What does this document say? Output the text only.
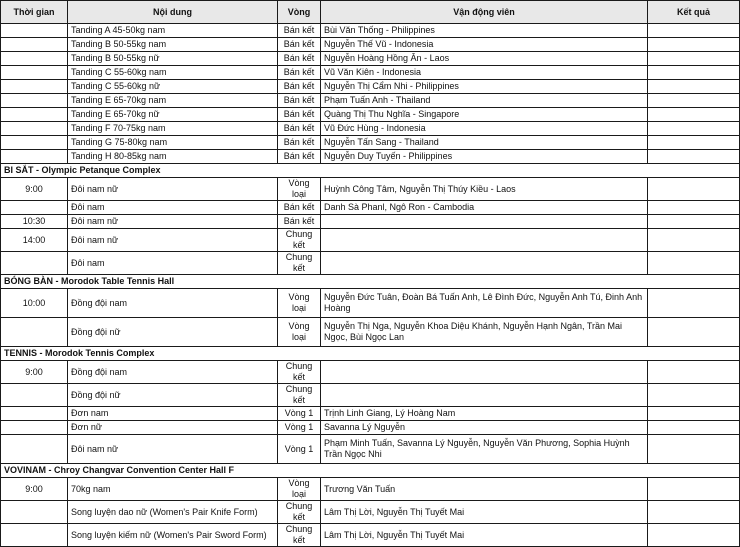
Thời gian	Nội dung	Vòng	Vận động viên	Kết quả
	Tanding A 45-50kg nam	Bán kết	Bùi Văn Thống - Philippines	
	Tanding B 50-55kg nam	Bán kết	Nguyễn Thế Vũ - Indonesia	
	Tanding B 50-55kg nữ	Bán kết	Nguyễn Hoàng Hồng Ân - Laos	
	Tanding C 55-60kg nam	Bán kết	Vũ Văn Kiên - Indonesia	
	Tanding C 55-60kg nữ	Bán kết	Nguyễn Thị Cẩm Nhi - Philippines	
	Tanding E 65-70kg nam	Bán kết	Phạm Tuấn Anh - Thailand	
	Tanding E 65-70kg nữ	Bán kết	Quàng Thị Thu Nghĩa - Singapore	
	Tanding F 70-75kg nam	Bán kết	Vũ Đức Hùng - Indonesia	
	Tanding G 75-80kg nam	Bán kết	Nguyễn Tấn Sang - Thailand	
	Tanding H 80-85kg nam	Bán kết	Nguyễn Duy Tuyến - Philippines	
BI SẮT - Olympic Petanque Complex				
9:00	Đôi nam nữ	Vòng loại	Huỳnh Công Tâm, Nguyễn Thị Thúy Kiều - Laos	
	Đôi nam	Bán kết	Danh Sà Phanl, Ngô Ron - Cambodia	
10:30	Đôi nam nữ	Bán kết		
14:00	Đôi nam nữ	Chung kết		
	Đôi nam	Chung kết		
BÓNG BÀN - Morodok Table Tennis Hall				
10:00	Đồng đội nam	Vòng loại	Nguyễn Đức Tuân, Đoàn Bá Tuấn Anh, Lê Đình Đức, Nguyễn Anh Tú, Đinh Anh Hoàng	
	Đồng đội nữ	Vòng loại	Nguyễn Thị Nga, Nguyễn Khoa Diệu Khánh, Nguyễn Hạnh Ngân, Trần Mai Ngọc, Bùi Ngọc Lan	
TENNIS - Morodok Tennis Complex				
9:00	Đồng đội nam	Chung kết		
	Đồng đội nữ	Chung kết		
	Đơn nam	Vòng 1	Trịnh Linh Giang, Lý Hoàng Nam	
	Đơn nữ	Vòng 1	Savanna Lý Nguyễn	
	Đôi nam nữ	Vòng 1	Phạm Minh Tuấn, Savanna Lý Nguyễn, Nguyễn Văn Phương, Sophia Huỳnh Trần Ngọc Nhi	
VOVINAM - Chroy Changvar Convention Center Hall F				
9:00	70kg nam	Vòng loại	Trương Văn Tuấn	
	Song luyện dao nữ (Women's Pair Knife Form)	Chung kết	Lâm Thị Lời, Nguyễn Thị Tuyết Mai	
	Song luyện kiếm nữ (Women's Pair Sword Form)	Chung kết	Lâm Thị Lời, Nguyễn Thị Tuyết Mai	
